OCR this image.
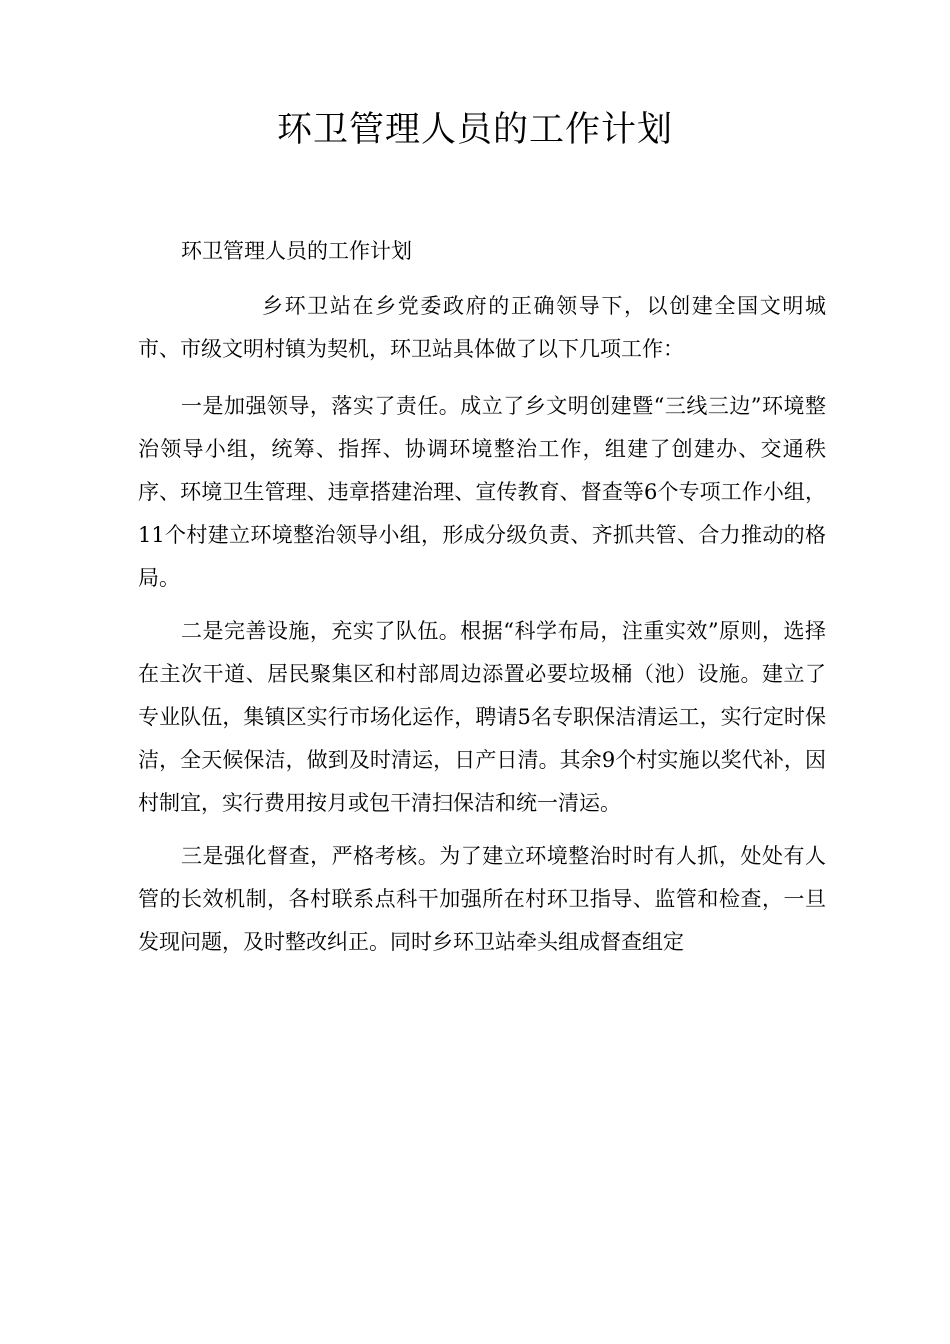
环卫管理人员的工作计划

环卫管理人员的工作计划

乡环卫站在乡党委政府的正确领导下，以创建全国文明城市、市级文明村镇为契机，环卫站具体做了以下几项工作：

一是加强领导，落实了责任。成立了乡文明创建暨“三线三边”环境整治领导小组，统筹、指挥、协调环境整治工作，组建了创建办、交通秩序、环境卫生管理、违章搭建治理、宣传教育、督查等6个专项工作小组，11个村建立环境整治领导小组，形成分级负责、齐抓共管、合力推动的格局。

二是完善设施，充实了队伍。根据“科学布局，注重实效”原则，选择在主次干道、居民聚集区和村部周边添置必要垃圾桶（池）设施。建立了专业队伍，集镇区实行市场化运作，聘请5名专职保洁清运工，实行定时保洁，全天候保洁，做到及时清运，日产日清。其余9个村实施以奖代补，因村制宜，实行费用按月或包干清扫保洁和统一清运。

三是强化督查，严格考核。为了建立环境整治时时有人抓，处处有人管的长效机制，各村联系点科干加强所在村环卫指导、监管和检查，一旦发现问题，及时整改纠正。同时乡环卫站牵头组成督查组定
